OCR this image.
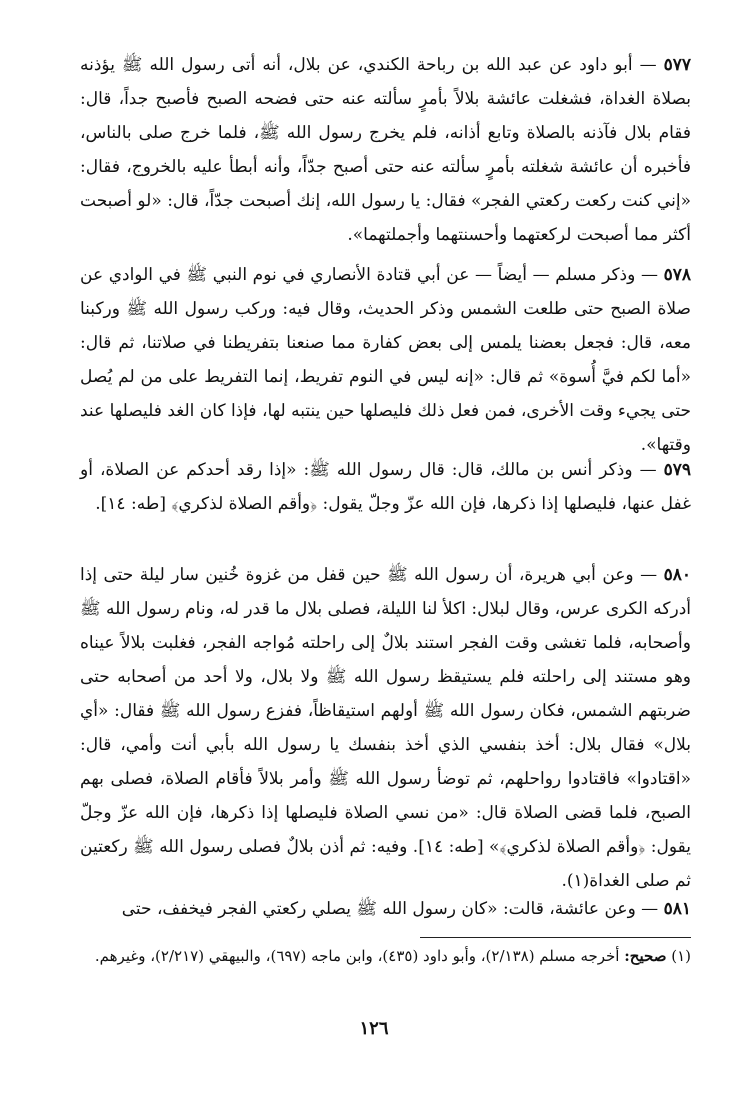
٥٧٧ — أبو داود عن عبد الله بن رباحة الكندي، عن بلال، أنه أتى رسول الله ﷺ يؤذنه بصلاة الغداة، فشغلت عائشة بلالاً بأمرٍ سألته عنه حتى فضحه الصبح فأصبح جداً، قال: فقام بلال فآذنه بالصلاة وتابع أذانه، فلم يخرج رسول الله ﷺ، فلما خرج صلى بالناس، فأخبره أن عائشة شغلته بأمرٍ سألته عنه حتى أصبح جدّاً، وأنه أبطأ عليه بالخروج، فقال: «إني كنت ركعت ركعتي الفجر» فقال: يا رسول الله، إنك أصبحت جدّاً، قال: «لو أصبحت أكثر مما أصبحت لركعتهما وأحسنتهما وأجملتهما».

٥٧٨ — وذكر مسلم — أيضاً — عن أبي قتادة الأنصاري في نوم النبي ﷺ في الوادي عن صلاة الصبح حتى طلعت الشمس وذكر الحديث، وقال فيه: وركب رسول الله ﷺ وركبنا معه، قال: فجعل بعضنا يلمس إلى بعض كفارة مما صنعنا بتفريطنا في صلاتنا، ثم قال: «أما لكم فيَّ أُسوة» ثم قال: «إنه ليس في النوم تفريط، إنما التفريط على من لم يُصل حتى يجيء وقت الأخرى، فمن فعل ذلك فليصلها حين ينتبه لها، فإذا كان الغد فليصلها عند وقتها».

٥٧٩ — وذكر أنس بن مالك، قال: قال رسول الله ﷺ: «إذا رقد أحدكم عن الصلاة، أو غفل عنها، فليصلها إذا ذكرها، فإن الله عزّ وجلّ يقول: ﴿وأقم الصلاة لذكري﴾ [طه: ١٤].

٥٨٠ — وعن أبي هريرة، أن رسول الله ﷺ حين قفل من غزوة خُنين سار ليلة حتى إذا أدركه الكرى عرس، وقال لبلال: اكلأ لنا الليلة، فصلى بلال ما قدر له، ونام رسول الله ﷺ وأصحابه، فلما تغشى وقت الفجر استند بلالٌ إلى راحلته مُواجه الفجر، فغلبت بلالاً عيناه وهو مستند إلى راحلته فلم يستيقظ رسول الله ﷺ ولا بلال، ولا أحد من أصحابه حتى ضربتهم الشمس، فكان رسول الله ﷺ أولهم استيقاظاً، ففزع رسول الله ﷺ فقال: «أي بلال» فقال بلال: أخذ بنفسي الذي أخذ بنفسك يا رسول الله بأبي أنت وأمي، قال: «اقتادوا» فاقتادوا رواحلهم، ثم توضأ رسول الله ﷺ وأمر بلالاً فأقام الصلاة، فصلى بهم الصبح، فلما قضى الصلاة قال: «من نسي الصلاة فليصلها إذا ذكرها، فإن الله عزّ وجلّ يقول: ﴿وأقم الصلاة لذكري﴾» [طه: ١٤]. وفيه: ثم أذن بلالٌ فصلى رسول الله ﷺ ركعتين ثم صلى الغداة(١).

٥٨١ — وعن عائشة، قالت: «كان رسول الله ﷺ يصلي ركعتي الفجر فيخفف، حتى

(١) صحيح: أخرجه مسلم (٢/١٣٨)، وأبو داود (٤٣٥)، وابن ماجه (٦٩٧)، والبيهقي (٢/٢١٧)، وغيرهم.
١٢٦
